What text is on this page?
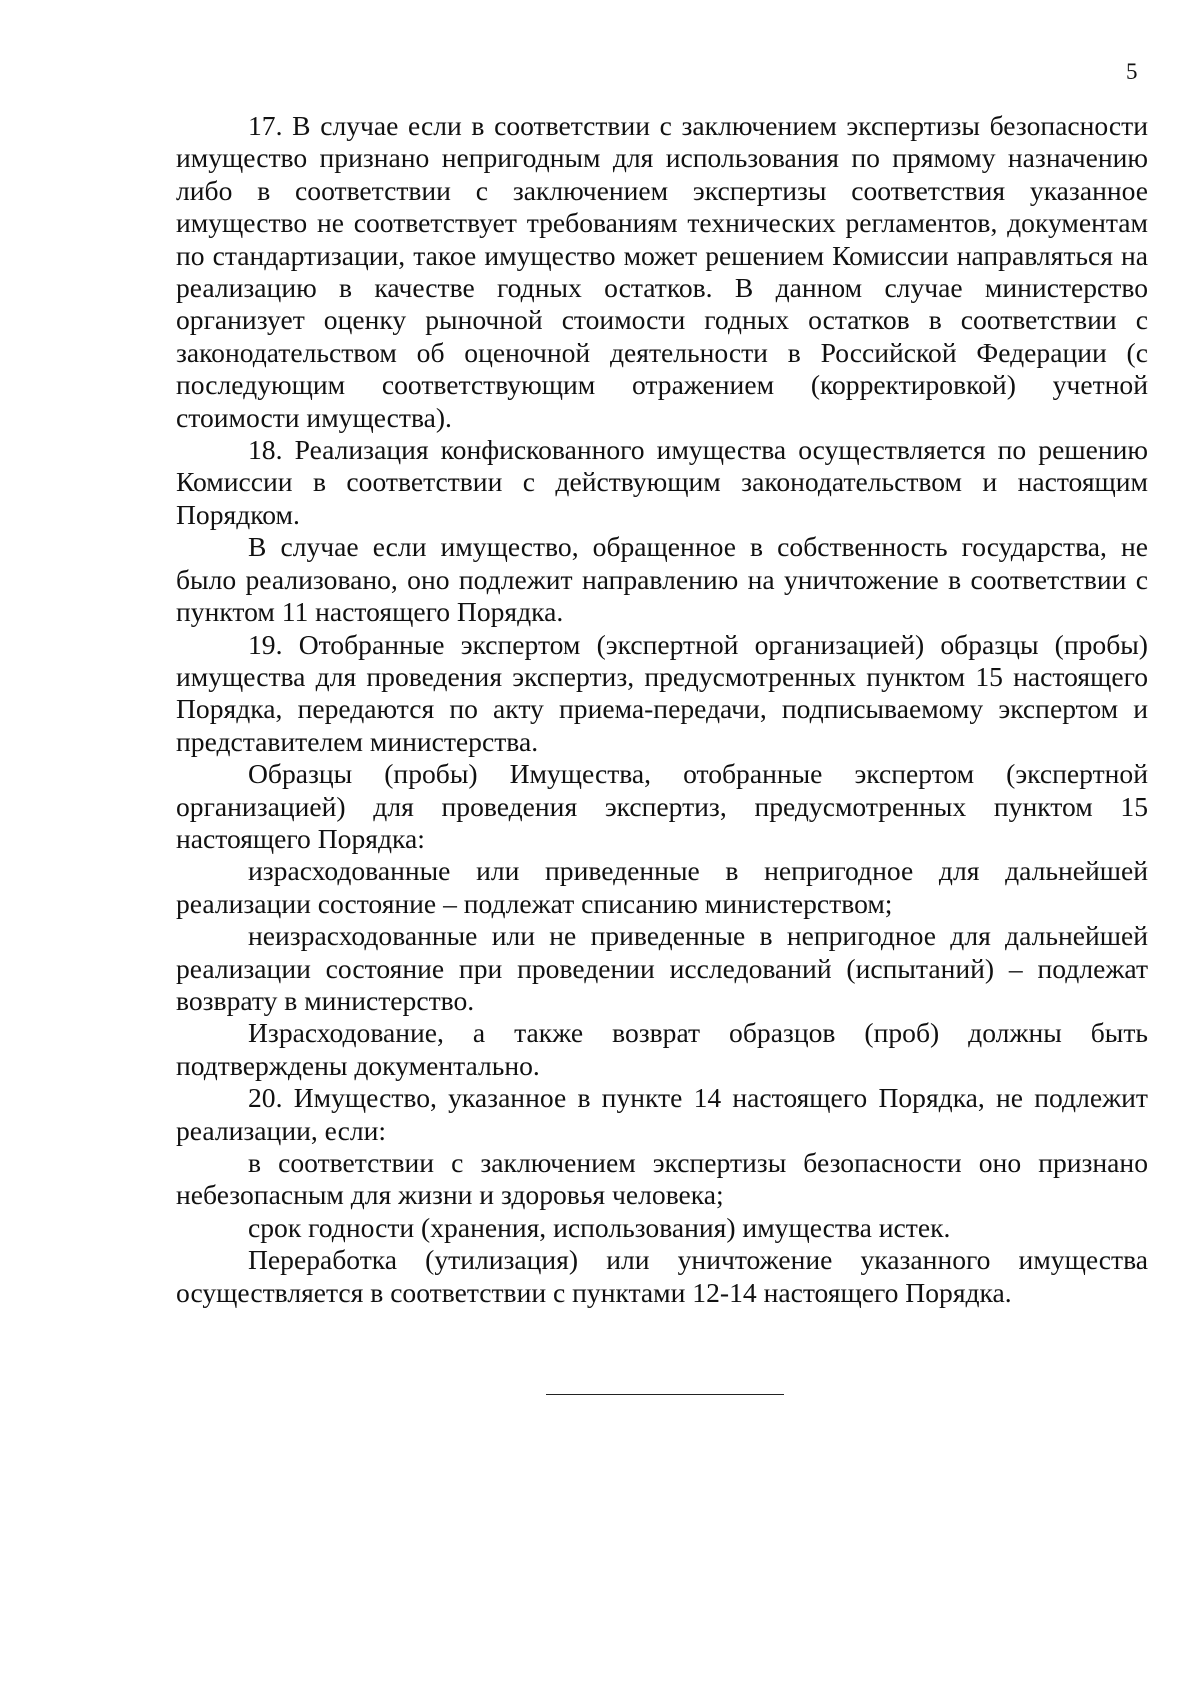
5

17. В случае если в соответствии с заключением экспертизы безопасности имущество признано непригодным для использования по прямому назначению либо в соответствии с заключением экспертизы соответствия указанное имущество не соответствует требованиям технических регламентов, документам по стандартизации, такое имущество может решением Комиссии направляться на реализацию в качестве годных остатков. В данном случае министерство организует оценку рыночной стоимости годных остатков в соответствии с законодательством об оценочной деятельности в Российской Федерации (с последующим соответствующим отражением (корректировкой) учетной стоимости имущества).

18. Реализация конфискованного имущества осуществляется по решению Комиссии в соответствии с действующим законодательством и настоящим Порядком.

В случае если имущество, обращенное в собственность государства, не было реализовано, оно подлежит направлению на уничтожение в соответствии с пунктом 11 настоящего Порядка.

19. Отобранные экспертом (экспертной организацией) образцы (пробы) имущества для проведения экспертиз, предусмотренных пунктом 15 настоящего Порядка, передаются по акту приема-передачи, подписываемому экспертом и представителем министерства.

Образцы (пробы) Имущества, отобранные экспертом (экспертной организацией) для проведения экспертиз, предусмотренных пунктом 15 настоящего Порядка:

израсходованные или приведенные в непригодное для дальнейшей реализации состояние – подлежат списанию министерством;

неизрасходованные или не приведенные в непригодное для дальнейшей реализации состояние при проведении исследований (испытаний) – подлежат возврату в министерство.

Израсходование, а также возврат образцов (проб) должны быть подтверждены документально.

20. Имущество, указанное в пункте 14 настоящего Порядка, не подлежит реализации, если:

в соответствии с заключением экспертизы безопасности оно признано небезопасным для жизни и здоровья человека;

срок годности (хранения, использования) имущества истек.

Переработка (утилизация) или уничтожение указанного имущества осуществляется в соответствии с пунктами 12-14 настоящего Порядка.
